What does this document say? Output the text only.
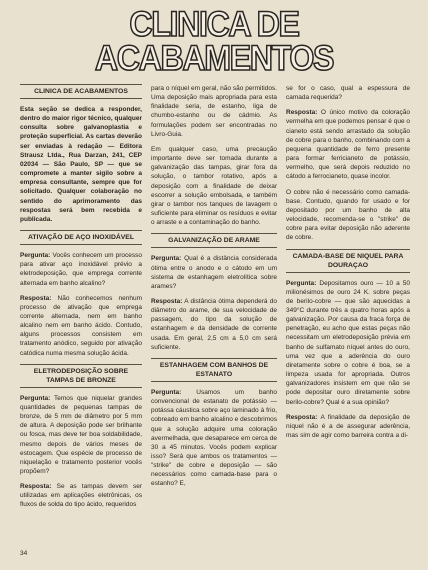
CLINICA DE
ACABAMENTOS
CLINICA DE ACABAMENTOS

Esta seção se dedica a responder, dentro do maior rigor técnico, qualquer consulta sobre galvanoplastia e proteção superficial. As cartas deverão ser enviadas à redação — Editora Strausz Ltda., Rua Darzan, 241, CEP 02034 — São Paulo, SP — que se compromete a manter sigilo sobre a empresa consultante, sempre que for solicitado. Qualquer colaboração no sentido do aprimoramento das respostas será bem recebida e publicada.

ATIVAÇÃO DE AÇO INOXIDÁVEL

Pergunta: Vocês conhecem um processo para ativar aço inoxidável prévio a eletrodeposição, que emprega corrente alternada em banho alcalino?

Resposta: Não conhecemos nenhum processo de ativação que emprega corrente alternada, nem em banho alcalino nem em banho ácido. Contudo, alguns processos consistem em tratamento anódico, seguido por ativação catódica numa mesma solução ácida.

ELETRODEPOSIÇÃO SOBRE TAMPAS DE BRONZE

Pergunta: Temos que niquelar grandes quantidades de pequenas tampas de bronze, de 5 mm de diâmetro por 5 mm de altura. A deposição pode ser brilhante ou fosca, mas deve ter boa soldabilidade, mesmo depois de vários meses de estocagem. Que espécie de processo de niquelação e tratamento posterior vocês propõem?

Resposta: Se as tampas devem ser utilizadas em aplicações eletrônicas, os fluxos de solda do tipo ácido, requeridos

para o níquel em geral, não são permitidos. Uma deposição mais apropriada para esta finalidade seria, de estanho, liga de chumbo-estanho ou de cádmio. As formulações podem ser encontradas no Livro-Guia.

Em qualquer caso, uma precaução importante deve ser tomada durante a galvanização das tampas, girar fora da solução, o tambor rotativo, após a deposição com a finalidade de deixar escorrer a solução embolsada, e também girar o tambor nos tanques de lavagem o suficiente para eliminar os resíduos e evitar o arraste e a contaminação do banho.

GALVANIZAÇÃO DE ARAME

Pergunta: Qual é a distância considerada ótima entre o anodo e o cátodo em um sistema de estanhagem eletrolítica sobre arames?

Resposta: A distância ótima dependerá do diâmetro do arame, de sua velocidade de passagem, do tipo da solução de estanhagem e da densidade de corrente usada. Em geral, 2,5 cm a 5,0 cm será suficiente.

ESTANHAGEM COM BANHOS DE ESTANATO

Pergunta: Usamos um banho convencional de estanato de potássio — potássa cáustica sobre aço laminado à frio, cobreado em banho alcalino e descobrimos que a solução adquire uma coloração avermelhada, que desaparece em cerca de 30 a 45 minutos. Vocês podem explicar isso? Será que ambos os tratamentos — "strike" de cobre e deposição — são necessários como camada-base para o estanho? E,

se for o caso, qual a espessura de camada requerida?

Resposta: O único motivo da coloração vermelha em que podemos pensar é que o cianeto está sendo arrastado da solução de cobre para o banho, combinando com a pequena quantidade de ferro presente para formar ferricianeto de potássio, vermelho, que será depois reduzido no cátodo a ferrocianeto, quase incolor.

O cobre não é necessário como camada-base. Contudo, quando for usado e for depositado por um banho de alta velocidade, recomenda-se o "strike" de cobre para evitar deposição não aderente de cobre.

CAMADA-BASE DE NIQUEL PARA DOURAÇAO

Pergunta: Depositamos ouro — 10 a 50 milionésimos de ouro 24 K. sobre peças de berilo-cobre — que são aquecidas a 349°C durante três a quatro horas após a galvanização. Por causa da fraca força de penetração, eu acho que estas peças não necessitam um eletrodeposição prévia em banho de sulfamato níquel antes do ouro, uma vez que a aderência do ouro diretamente sobre o cobre é boa, se a limpeza usada for apropriada. Outros galvanizadores insistem em que não se pode depositar ouro diretamente sobre berilo-cobre? Qual é a sua opinião?

Resposta: A finalidade da deposição de níquel não é a de assegurar aderência, mas sim de agir como barreira contra a di-

34
